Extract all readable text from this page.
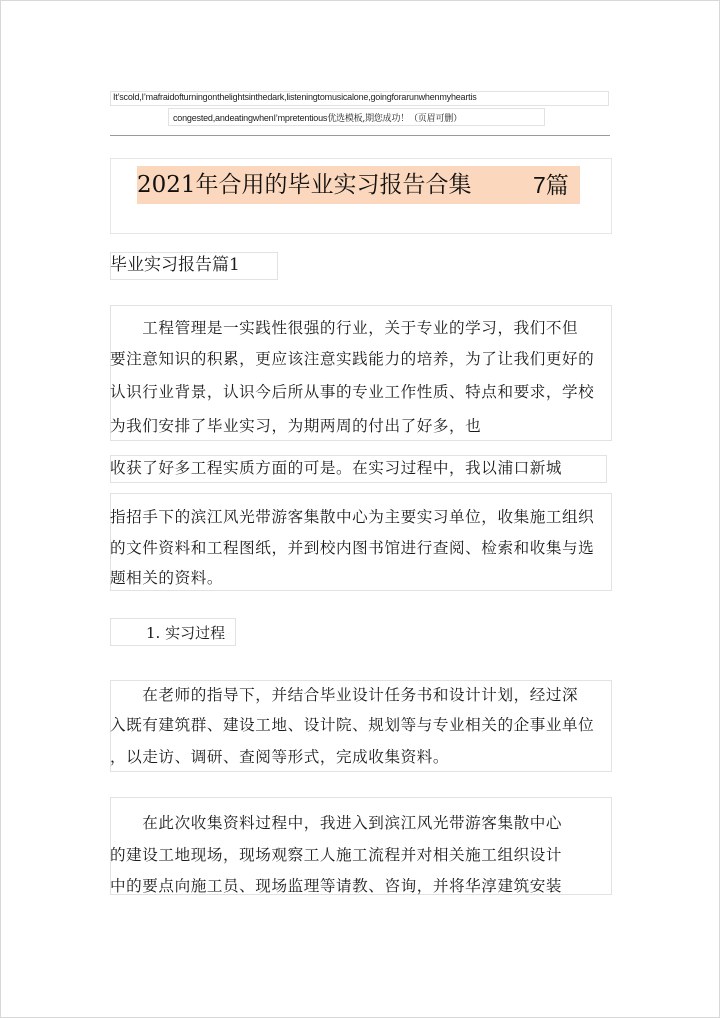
It’scold,I’mafraidofturningonthelightsinthedark,listeningtomusicalone,goingforarunwhenmyheartis
congested,andeatingwhenI’mpretentious优选模板,期您成功！（页眉可删）
2021年合用的毕业实习报告合集	7篇
毕业实习报告篇1
1. 实习过程
　　工程管理是一实践性很强的行业，关于专业的学习，我们不但
要注意知识的积累，更应该注意实践能力的培养，为了让我们更好的
认识行业背景，认识今后所从事的专业工作性质、特点和要求，学校
为我们安排了毕业实习，为期两周的付出了好多，也
收获了好多工程实质方面的可是。在实习过程中，我以浦口新城
指招手下的滨江风光带游客集散中心为主要实习单位，收集施工组织
的文件资料和工程图纸，并到校内图书馆进行查阅、检索和收集与选
题相关的资料。
　　在老师的指导下，并结合毕业设计任务书和设计计划，经过深
入既有建筑群、建设工地、设计院、规划等与专业相关的企事业单位
，以走访、调研、查阅等形式，完成收集资料。
　　在此次收集资料过程中，我进入到滨江风光带游客集散中心
的建设工地现场，现场观察工人施工流程并对相关施工组织设计
中的要点向施工员、现场监理等请教、咨询，并将华淳建筑安装
